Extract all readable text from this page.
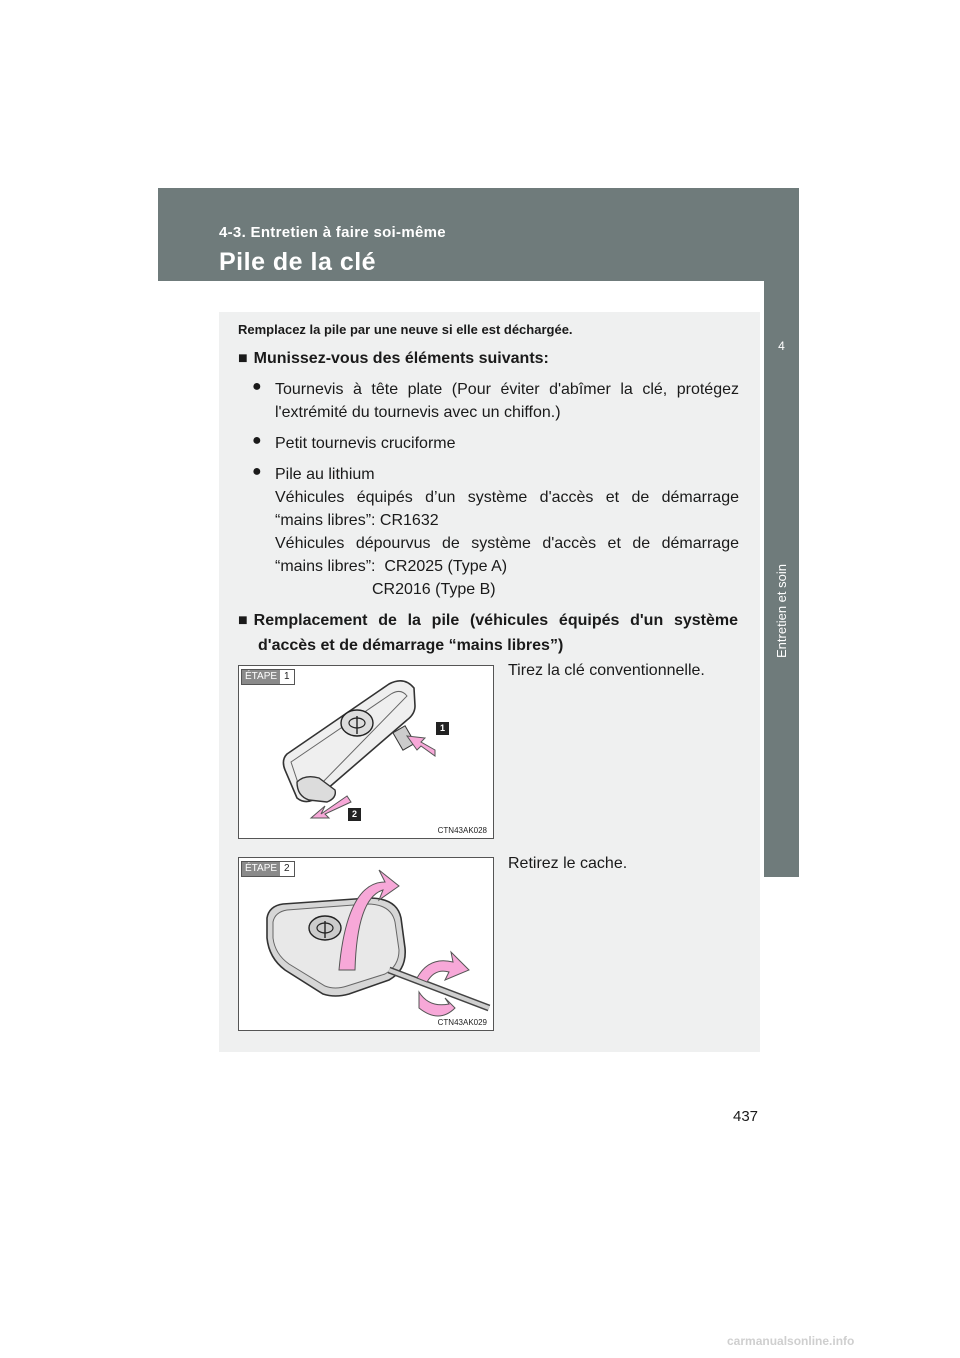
4-3. Entretien à faire soi-même
Pile de la clé
4
Entretien et soin
Remplacez la pile par une neuve si elle est déchargée.
■ Munissez-vous des éléments suivants:
● Tournevis à tête plate (Pour éviter d'abîmer la clé, protégez
l'extrémité du tournevis avec un chiffon.)
● Petit tournevis cruciforme
● Pile au lithium
Véhicules équipés d’un système d'accès et de démarrage
“mains libres”: CR1632
Véhicules dépourvus de système d'accès et de démarrage
“mains libres”:  CR2025 (Type A)
CR2016 (Type B)
■ Remplacement de la pile (véhicules équipés d'un système
d'accès et de démarrage “mains libres”)
ÉTAPE 1
1
2
CTN43AK028
Tirez la clé conventionnelle.
ÉTAPE 2
CTN43AK029
Retirez le cache.
437
carmanualsonline.info
